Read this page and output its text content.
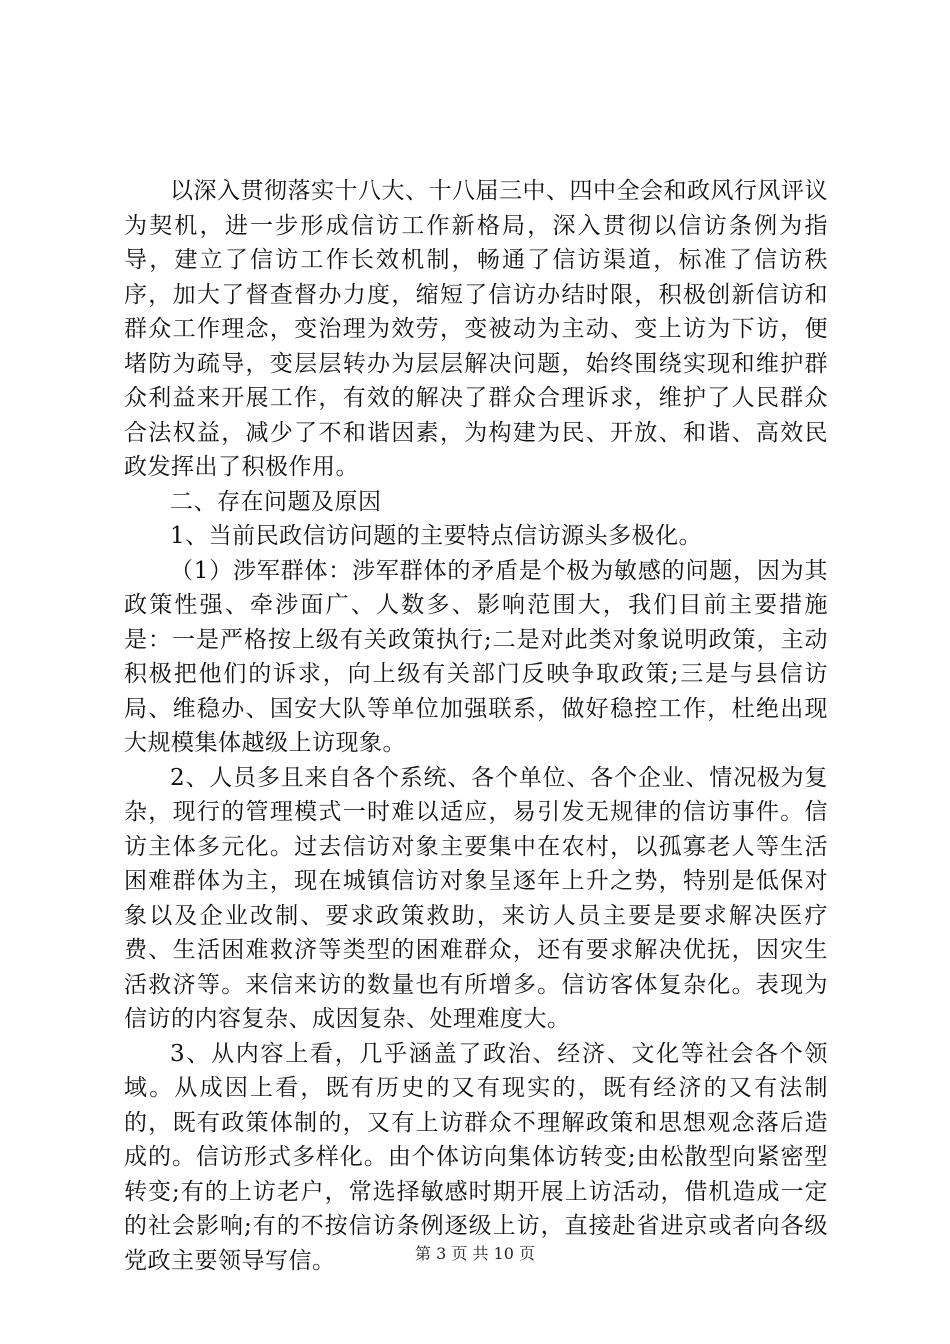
以深入贯彻落实十八大、十八届三中、四中全会和政风行风评议为契机，进一步形成信访工作新格局，深入贯彻以信访条例为指导，建立了信访工作长效机制，畅通了信访渠道，标准了信访秩序，加大了督查督办力度，缩短了信访办结时限，积极创新信访和群众工作理念，变治理为效劳，变被动为主动、变上访为下访，便堵防为疏导，变层层转办为层层解决问题，始终围绕实现和维护群众利益来开展工作，有效的解决了群众合理诉求，维护了人民群众合法权益，减少了不和谐因素，为构建为民、开放、和谐、高效民政发挥出了积极作用。

二、存在问题及原因

1、当前民政信访问题的主要特点信访源头多极化。

（1）涉军群体：涉军群体的矛盾是个极为敏感的问题，因为其政策性强、牵涉面广、人数多、影响范围大，我们目前主要措施是：一是严格按上级有关政策执行;二是对此类对象说明政策，主动积极把他们的诉求，向上级有关部门反映争取政策;三是与县信访局、维稳办、国安大队等单位加强联系，做好稳控工作，杜绝出现大规模集体越级上访现象。

2、人员多且来自各个系统、各个单位、各个企业、情况极为复杂，现行的管理模式一时难以适应，易引发无规律的信访事件。信访主体多元化。过去信访对象主要集中在农村，以孤寡老人等生活困难群体为主，现在城镇信访对象呈逐年上升之势，特别是低保对象以及企业改制、要求政策救助，来访人员主要是要求解决医疗费、生活困难救济等类型的困难群众，还有要求解决优抚，因灾生活救济等。来信来访的数量也有所增多。信访客体复杂化。表现为信访的内容复杂、成因复杂、处理难度大。

3、从内容上看，几乎涵盖了政治、经济、文化等社会各个领域。从成因上看，既有历史的又有现实的，既有经济的又有法制的，既有政策体制的，又有上访群众不理解政策和思想观念落后造成的。信访形式多样化。由个体访向集体访转变;由松散型向紧密型转变;有的上访老户，常选择敏感时期开展上访活动，借机造成一定的社会影响;有的不按信访条例逐级上访，直接赴省进京或者向各级党政主要领导写信。	第 3 页 共 10 页
